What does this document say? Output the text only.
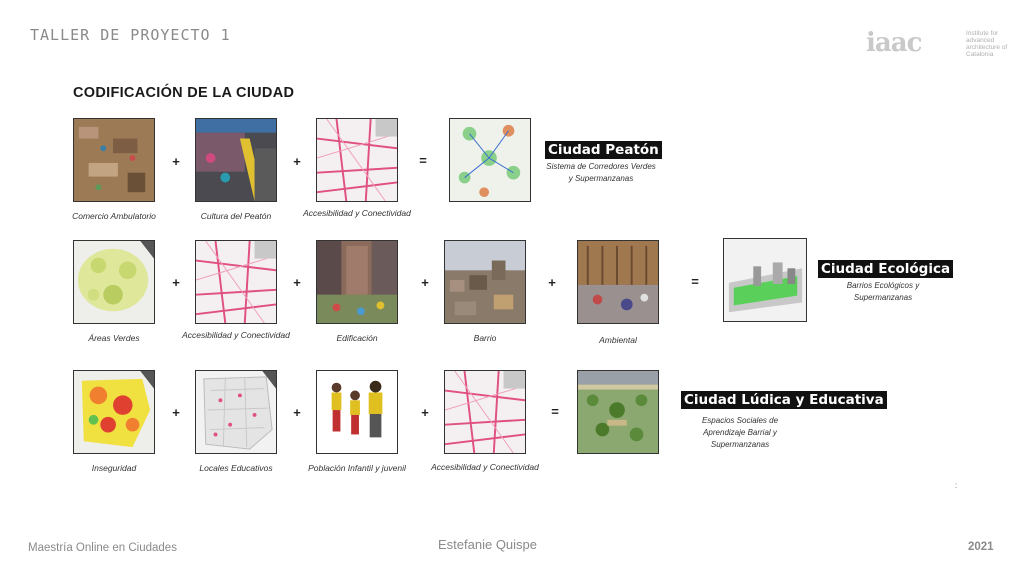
TALLER DE PROYECTO 1	iaac	Institute for advanced architecture of Catalonia
CODIFICACIÓN DE LA CIUDAD
Comercio Ambulatorio
+
Cultura del Peatón
+
Accesibilidad y Conectividad
=
Ciudad Peatón
Sistema de Corredores Verdes y Supermanzanas
Áreas Verdes
+
Accesibilidad y Conectividad
+
Edificación
+
Barrio
+
Ambiental
=
Ciudad Ecológica
Barrios Ecológicos y Supermanzanas
Inseguridad
+
Locales Educativos
+
Población Infantil y juvenil
+
Accesibilidad y Conectividad
=
Ciudad Lúdica y Educativa
Espacios Sociales de Aprendizaje Barrial y Supermanzanas
:
Maestría Online en Ciudades	Estefanie Quispe	2021
